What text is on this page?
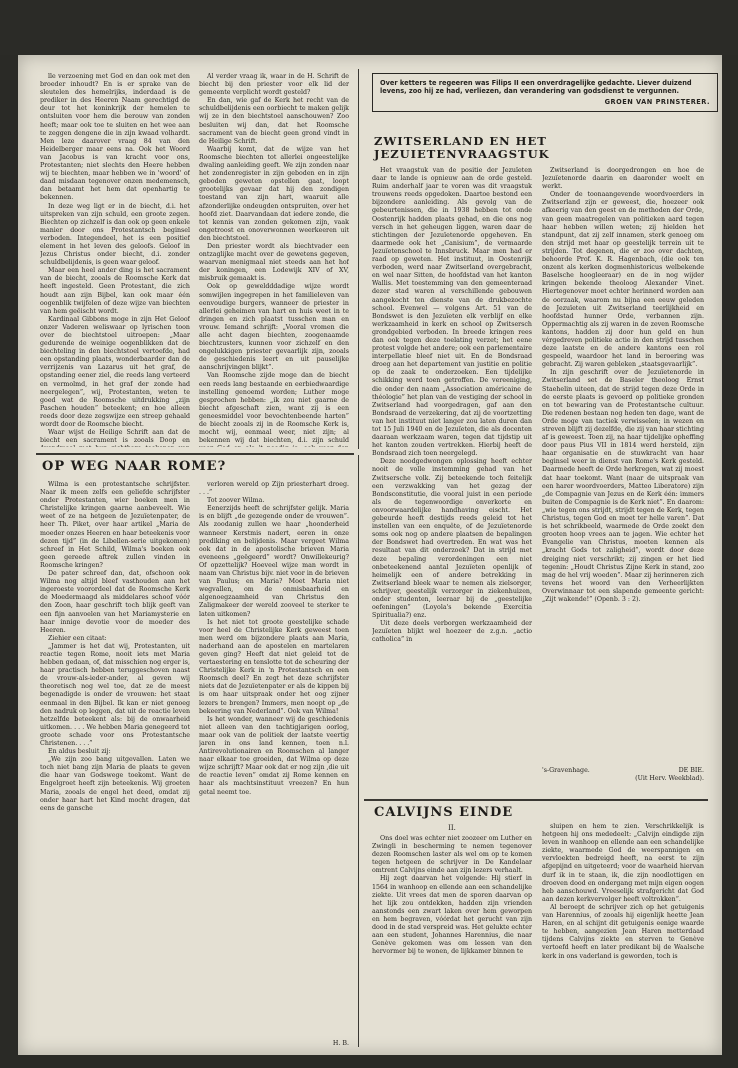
lle verzoening met God en dan ook met den broeder inhoudt? En is er sprake van de sleutelen des hemelrijks, inderdaad is de prediker in des Heeren Naam gerechtigd de deur tot het koninkrijk der hemelen te ontsluiten voor hem die berouw van zonden heeft; maar ook toe te sluiten en het wee aan te zeggen dengene die in zijn kwaad volhardt. Men leze daarover vraag 84 van den Heidelberger maar eens na. Ook het Woord van Jacobus is van kracht voor ons, Protestanten; niet slechts den Heere hebben wij te biechten, maar hebben we in 'woord' of daad misdaan tegenover onzen medemensch, dan betaamt het hem dat openhartig te bekennen.

In deze weg ligt er in de biecht, d.i. het uitspreken van zijn schuld, een groote zegen. Biechten op zichzelf is dan ook op geen enkele manier door ons Protestantsch beginsel verboden. Integendeel, het is een positief element in het leven des geloofs. Geloof in Jezus Christus onder biecht, d.i. zonder schuldbelijdenis, is geen waar geloof.

Maar een heel ander ding is het sacrament van de biecht, zooals de Roomsche Kerk dat heeft ingesteld. Geen Protestant, die zich houdt aan zijn Bijbel, kan ook maar één oogenblik twijfelen of deze wijze van biechten van hem geëischt wordt.

Kardinaal Gibbons moge in zijn Het Geloof onzer Vaderen weliswaar op lyrischen toon over de biechtstoel uitroepen: „Maar gedurende de weinige oogenblikken dat de biechteling in den biechtstoel vertoefde, had een opstanding plaats, wonderbaarder dan de verrijzenis van Lazarus uit het graf, de opstanding eener ziel, die reeds lang verteerd en vermolmd, in het graf der zonde had neergelegen”, wij, Protestanten, weten te goed wat de Roomsche uitdrukking „zijn Paschen houden” beteekent; en hoe alleen reeds door deze zegswijze een streep gehaald wordt door de Roomsche biecht.

Waar wijst de Heilige Schrift aan dat de biecht een sacrament is zooals Doop en

Al verder vraag ik, waar in de H. Schrift de biecht bij den priester voor elk lid der gemeente verplicht wordt gesteld?

En dan, wie gaf de Kerk het recht van de schuldbelijdenis een oorbiecht te maken gelijk wij ze in den biechtstoel aanschouwen? Zoo besluiten wij dan, dat het Roomsche sacrament van de biecht geen grond vindt in de Heilige Schrift.

Waarbij komt, dat de wijze van het Roomsche biechten tot allerlei ongeestelijke dwaling aanleiding geeft. We zijn zonden naar het zondenregister in zijn geboden en in zijn geboden geweten opstellen gaat, loopt grootelijks gevaar dat hij den zondigen toestand van zijn hart, waaruit alle afzonderlijke ondeugden ontspruiten, over het hoofd ziet. Daarvandaan dat iedere zonde, die tot kennis van zonden gekomen zijn, vaak ongetroost en onoverwonnen weerkeeren uit den biechtstoel.

Den priester wordt als biechtvader een ontzaglijke macht over de gewetens gegeven, waarvan menigmaal niet steeds aan het hof der koningen, een Lodewijk XIV of XV, misbruik gemaakt is.

Ook op geweldddadige wijze wordt somwijlen ingegrepen in het familieleven van eenvoudige burgers, wanneer de priester in allerlei geheimen van hart en huis weet in te dringen en zich plaatst tusschen man en vrouw. Iemand schrijft: „Vooral vromen die alle acht dagen biechten, zoogenaamde biechtzusters, kunnen voor zichzelf en den ongelukkigen priester gevaarlijk zijn, zooals de geschiedenis leert en uit pauselijke aanschrijvingen blijkt”.

Van Roomsche zijde moge dan de biecht een reeds lang bestaande en eerbiedwaardige instelling genoemd worden; Luther moge gesprochen hebben: „ik zou niet gaarne de biecht afgeschaft zien, want zij is een geneesmiddel voor bevochtenbeende harten” de biecht zooals zij in de Roomsche Kerk is, mocht wij, eenmaal weer, niet zijn; al bekennen wij dat biechten, d.i. zijn schuld

Over ketters te regeeren was Filips II een onverdragelijke gedachte. Liever duizend levens, zoo hij ze had, verliezen, dan verandering van godsdienst te vergunnen.
GROEN VAN PRINSTERER.
ZWITSERLAND EN HET JEZUIETENVRAAGSTUK

Het vraagstuk van de positie der Jezuïeten daar te lande is opnieuw aan de orde gesteld. Ruim anderhalf jaar te voren was dit vraagstuk trouwens reeds opgedoken. Daartoe bestond een bijzondere aanleiding. Als gevolg van de gebeurtenissen, die in 1938 hebben tot onde Oostenrijk hadden plaats gehad, en die ons nog versch in het geheugen liggen, waren daar de stichtingen der Jezuïetenorde opgeheven. En daarmede ook het „Canisium”, de vermaarde Jezuïetenschool te Innsbruck. Maar men had er raad op geweten. Het instituut, in Oostenrijk verboden, werd naar Zwitserland overgebracht, en wel naar Sitten, de hoofdstad van het kanton Wallis. Met toestemming van den gemeenteraad dezer stad waren al verschillende gebouwen aangekocht ten dienste van de drukbezochte school. Evenwel — volgens Art. 51 van de Bondswet is den Jezuïeten elk verblijf en elke werkzaamheid in kerk en school op Zwitsersch grondgebied verboden. In breede kringen rees dan ook tegen deze toelating verzet; het eene protest volgde het andere; ook een parlementaire interpellatie bleef niet uit. En de Bondsraad droeg aan het departement van justitie en politie op de zaak te onderzoeken. Een tijdelijke schikking werd toen getroffen. De vereeniging, die onder den naam „Association américaine de théologie” het plan van de vestiging der school in Zwitserland had voorgedragen, gaf aan den Bondsraad de verzekering, dat zij de voortzetting van het instituut niet langer zou laten duren dan tot 15 Juli 1940 en de Jezuïeten, die als docenten daaraan werkzaam waren, tegen dat tijdstip uit het kanton zouden vertrekken. Hierbij heeft de Bondsraad zich toen neergelegd.

Deze noodgedwongen oplossing heeft echter nooit de volle instemming gehad van het Zwitsersche volk. Zij beteekende toch feitelijk een verzwakking van het gezag der Bondsconstitutie, die vooral juist in een periode als de tegenwoordige onverkorte en onvoorwaardelijke handhaving eischt. Het gebeurde heeft destijds reeds geleid tot het instellen van een enquête, of de Jezuïetenorde soms ook nog op andere plaatsen de bepalingen der Bondswet had overtreden. En wat was het resultaat van dit onderzoek? Dat in strijd met deze bepaling verordeningen een niet onbeteekenend aantal Jezuïeten openlijk of heimelijk een of andere betrekking in Zwitserland bleek waar te nemen als zielsorger, schrijver, geestelijk verzorger in ziekenhuizen, onder studenten, leeraar bij de „geestelijke oefeningen” (Loyola's bekende Exercitia Spiritualia?) enz.

Uit deze deels verborgen werkzaamheid der Jezuïeten blijkt wel hoezeer de z.g.n. „actio catholica” in

Zwitserland is doorgedrongen en hoe de Jezuïetenorde daarin en daaronder woelt en werkt.

Onder de toonaangevende woordvoerders in Zwitserland zijn er geweest, die, hoezeer ook afkeerig van den geest en de methoden der Orde, van geen maatregelen van politieken aard tegen haar hebben willen weten; zij hielden het standpunt, dat zij zelf innamen, sterk genoeg om den strijd met haar op geestelijk terrein uit te strijden. Tot degenen, die er zoo over dachten, behoorde Prof. K. R. Hagenbach, (die ook ten onzent als kerken dogmenhistoricus welbekende Baselsche hoogleeraar) en de in nog wijder kringen bekende theoloog Alexander Vinet. Hiertegenover moet echter herinnerd worden aan de oorzaak, waarom nu bijna een eeuw geleden de Jezuïeten uit Zwitserland teerlijkheid en hoofdstad hunner Orde, verbannen zijn. Oppermachtig als zij waren in de zeven Roomsche kantons, hadden zij door hun geld en hun vérgedreven politieke actie in den strijd tusschen deze laatste en de andere kantons een rol gespeeld, waardoor het land in beroering was gebracht. Zij waren gebleken „staatsgevaarlijk”.

In zijn geschrift over de Jezuïetenorde in Zwitserland set de Baseler theoloog Ernst Staehelin uiteen, dat de strijd tegen deze Orde in de eerste plaats is gevoerd op politieke gronden en tot bewaring van de Protestantsche cultuur. Die redenen bestaan nog heden ten dage, want de Orde moge van tactiek verwisselen; in wezen en streven blijft zij dezelfde, die zij van haar stichting af is geweest. Toen zij, na haar tijdelijke opheffing door paus Pius VII in 1814 werd hersteld, zijn haar organisatie en de stuwkracht van haar beginsel weer in dienst van Rome's Kerk gesteld. Daarmede heeft de Orde herkregen, wat zij moest dat haar toekomt. Want (naar de uitspraak van een harer woordvoerders, Matteo Liberatore) zijn „de Compagnie van Jezus en de Kerk één: immers buiten de Compagnie is de Kerk niet”. En daarom: „wie tegen ons strijdt, strijdt tegen de Kerk, tegen Christus, tegen God en moet ter helle varen”. Dat is het schrikbeeld, waarmede de Orde zoekt den grooten hoop vrees aan te jagen. Wie echter het Evangelie van Christus, moeten kennen als „kracht Gods tot zaligheid”, wordt door deze dreiging niet verschrikt; zij zingen er het lied tegenin: „Houdt Christus Zijne Kerk in stand, zoo mag de hel vrij woeden”. Maar zij herinneren zich tevens het woord van den Verheerlijkten Overwinnaar tot een slapende gemeente gericht: „Zijt wakende!” (Openb. 3 : 2).

's-Gravenhage.	DE BIE.
(Uit Herv. Weekblad).
OP WEG NAAR ROME?

Wilma is een protestantsche schrijfster. Naar ik meen zelfs een geliefde schrijfster onder Protestanten, wier boeken men in Christelijke kringen gaarne aanbeveelt. Wie weet of ze na hetgeen de Jezuïetenpater, de heer Th. Piket, over haar artikel „Maria de moeder onzes Heeren en haar beteekenis voor dezen tijd” (in de Libellen-serie uitgekomen) schreef in Het Schild, Wilma's boeken ook geen gereede aftrek zullen vinden in Roomsche kringen?

De pater schreef dan, dat, ofschoon ook Wilma nog altijd bleef vasthouden aan het ingeroeste voorordeel dat de Roomsche Kerk de Moedermaagd als middelares schoof vóór den Zoon, haar geschrift toch blijk geeft van een fijn aanvoelen van het Mariamysterie en haar innige devotie voor de moeder des Heeren.

Ziehier een citaat:

„Jammer is het dat wij, Protestanten, uit reactie tegen Rome, nooit iets met Maria hebben gedaan, of, dat misschien nog erger is, haar practisch hebben teruggeschoven naast de vrouw-als-ieder-ander, al geven wij theoretisch nog wel toe, dat ze de meest begenadigde is onder de vrouwen: het staat eenmaal in den Bijbel. Ik kan er niet genoeg den nadruk op leggen, dat uit de reactie leven hetzelfde beteekent als: bij de onwaarheid uitkomen. . . . We hebben Maria genegeerd tot groote schade voor ons Protestantsche Christenen. . . .”

En aldus besluit zij:

„We zijn zoo bang uitgevallen. Laten we toch niet bang zijn Maria de plaats te geven die haar van Godswege toekomt. Want de Engelgroet heeft zijn beteekenis. Wij groeten Maria, zooals de engel het deed, omdat zij onder haar hart het Kind mocht dragen, dat eens de gansche

verloren wereld op Zijn priesterhart droeg. . . .”

Tot zoover Wilma.

Eenerzijds heeft de schrijfster gelijk. Maria is en blijft „de gezegende onder de vrouwen”. Als zoodanig zullen we haar „hoonderheid wanneer Kerstmis nadert, eeren in onze prediking en belijdenis. Maar vergeet Wilma ook dat in de apostolische brieven Maria eveneens „geëgeerd” wordt? Onwillekeurig? Of opzettelijk? Hoeveel wijze man wordt in naam van Christus bijv. niet voor in de brieven van Paulus; en Maria? Moet Maria niet wegvallen, om de onmisbaarheid en algenoegzaamheid van Christus den Zaligmakeer der wereld zooveel te sterker te laten uitkomen?

Is het niet tot groote geestelijke schade voor heel de Christelijke Kerk geweest toen men werd om bijzondere plaats aan Maria, naderhand aan de apostelen en martelaren geven ging? Heeft dat niet geleid tot de vertaestering en tenslotte tot de scheuring der Christelijke Kerk in 'n Protestantsch en een Roomsch deel? En zegt het deze schrijfster niets dat de Jezuïetenpater er als de kippen bij is om haar uitspraak onder het oog zijner lezers te brengen? Immers, men noopt op „de bekeering van Nederland”. Ook van Wilma!

Is het wonder, wanneer wij de geschiedenis niet alleen van den tachtigjarigen oorlog, maar ook van de politiek der laatste veertig jaren in ons land kennen, toen n.l. Antirevolutionairen en Roomschen al langer naar elkaar toe groeiden, dat Wilma op deze wijze schrijft? Maar ook dat er nog zijn ,die uit de reactie leven” omdat zij Rome kennen en haar als machtsinstituut vreezen? En hun getal neemt toe.

H. B.
CALVIJNS EINDE
II.

Ons doel was echter niet zoozeer om Luther en Zwingli in bescherming te nemen tegenover dezen Roomschen laster als wel om op te komen tegen hetgeen de schrijver in De Kandelaar omtrent Calvijns einde aan zijn lezers verhaalt.

Hij zegt daarvan het volgende: Hij stierf in 1564 in wanhoop en ellende aan een schandelijke ziekte. Uit vrees dat men de sporen daarvan op het lijk zou ontdekken, hadden zijn vrienden aanstonds een zwart laken over hem geworpen en hem begraven, vóórdat het gerucht van zijn dood in de stad verspreid was. Het gelukte echter aan een student, Johannes Harennius, die naar Genève gekomen was om lessen van den hervormer bij te wonen, de lijkkamer binnen te

sluipen en hem te zien. Verschrikkelijk is hetgeen hij ons mededeelt: „Calvijn eindigde zijn leven in wanhoop en ellende aan een schandelijke ziekte, waarmede God de weerspannigen en vervloekten bedreigd heeft, na eerst te zijn afgepijnd en uitgeteerd; voor de waarheid hiervan durf ik in te staan, ik, die zijn noodlottigen en droeven dood en ondergang met mijn eigen oogen heb aanschouwd. Vreeselijk strafgericht dat God aan dezen kerkvervolger heeft voltrokken”.

Al beroept de schrijver zich op het getuigenis van Harennius, of zooals hij eigenlijk heette Jean Haren, en al schijnt dit getuigenis eenige waarde te hebben, aangezien Jean Haren metterdaad tijdens Calvijns ziekte en sterven te Genève vertoefd heeft en later predikant bij de Waalsche kerk in ons vaderland is geworden, toch is
